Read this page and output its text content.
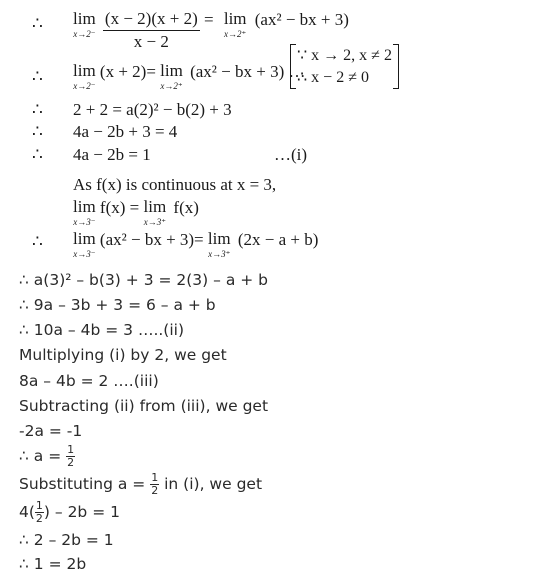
∴ lim
x→2⁻
$\frac{(x - 2)(x + 2)}{x - 2} = \lim$
x→2⁺
(ax² − bx + 3)
∴ lim
x→2⁻
(x + 2)= lim
x→2⁺
(ax² − bx + 3) …
∵ x → 2, x ≠ 2
∴ x − 2 ≠ 0
∴ 2 + 2 = a(2)² − b(2) + 3
∴ 4a − 2b + 3 = 4
∴ 4a − 2b = 1	…(i)
As f(x) is continuous at x = 3,
lim
x→3⁻
f(x) = lim
x→3⁺
f(x)
∴ lim
x→3⁻
(ax² − bx + 3)= lim
x→3⁺
(2x − a + b)
∴ a(3)² – b(3) + 3 = 2(3) – a + b
∴ 9a – 3b + 3 = 6 – a + b
∴ 10a – 4b = 3 …..(ii)
Multiplying (i) by 2, we get
8a – 4b = 2 ….(iii)
Subtracting (ii) from (iii), we get
-2a = -1
∴ $a = \frac{1}{2}$
Substituting $a = \frac{1}{2}$ in (i), we get
$4( \frac{1}{2}$ ) – 2b = 1
∴ 2 – 2b = 1
∴ 1 = 2b
